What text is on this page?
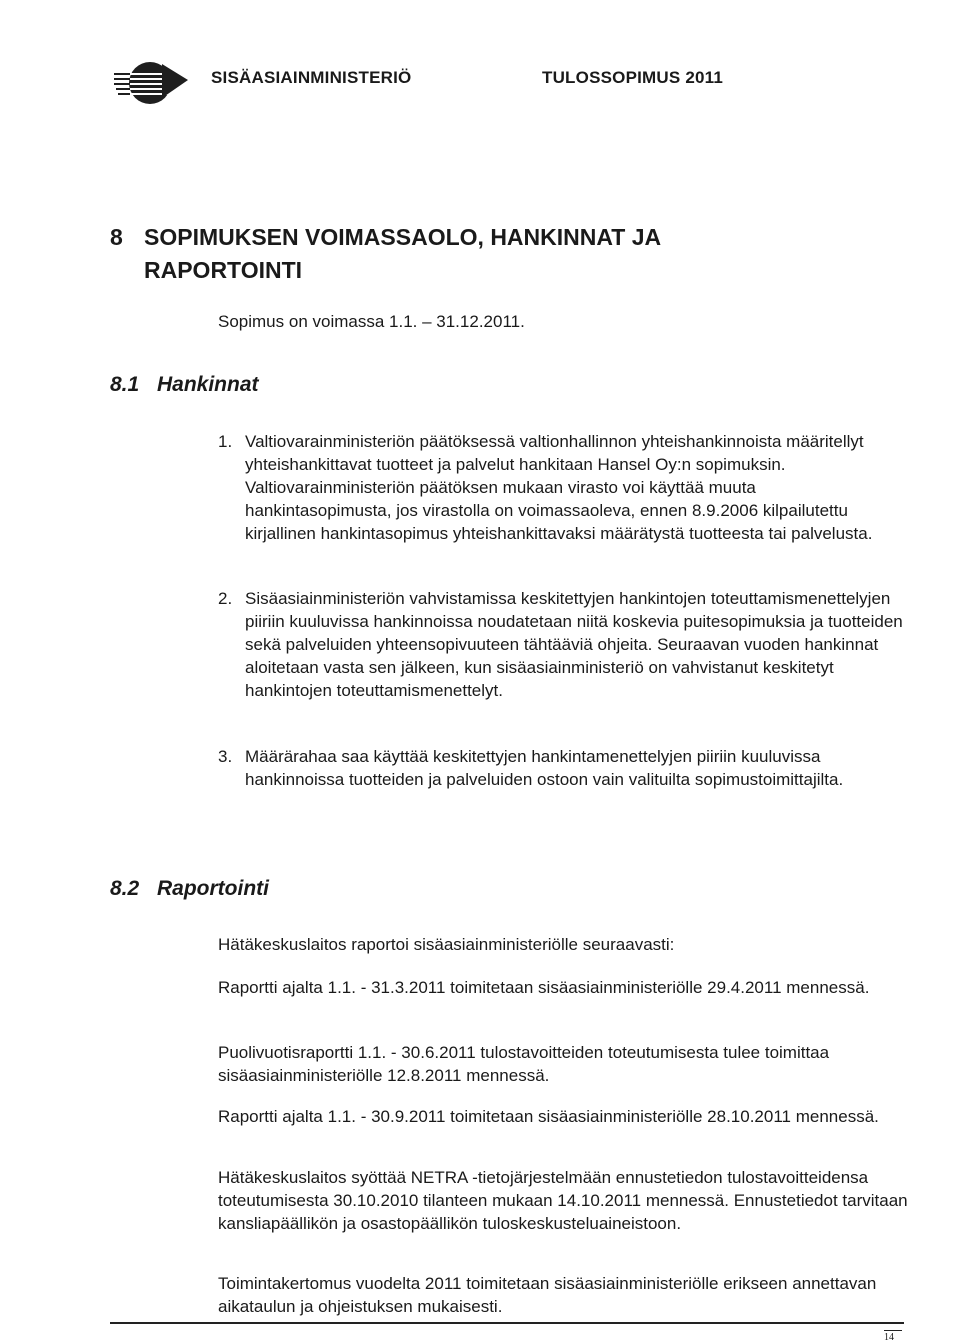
SISÄASIAINMINISTERIÖ	TULOSSOPIMUS 2011
8 SOPIMUKSEN VOIMASSAOLO, HANKINNAT JA RAPORTOINTI
Sopimus on voimassa 1.1. – 31.12.2011.
8.1 Hankinnat
1. Valtiovarainministeriön päätöksessä valtionhallinnon yhteishankinnoista määritellyt yhteishankittavat tuotteet ja palvelut hankitaan Hansel Oy:n sopimuksin. Valtiovarainministeriön päätöksen mukaan virasto voi käyttää muuta hankintasopimusta, jos virastolla on voimassaoleva, ennen 8.9.2006 kilpailutettu kirjallinen hankintasopimus yhteishankittavaksi määrätystä tuotteesta tai palvelusta.
2. Sisäasiainministeriön vahvistamissa keskitettyjen hankintojen toteuttamismenettelyjen piiriin kuuluvissa hankinnoissa noudatetaan niitä koskevia puitesopimuksia ja tuotteiden sekä palveluiden yhteensopivuuteen tähtääviä ohjeita. Seuraavan vuoden hankinnat aloitetaan vasta sen jälkeen, kun sisäasiainministeriö on vahvistanut keskitetyt hankintojen toteuttamismenettelyt.
3. Määrärahaa saa käyttää keskitettyjen hankintamenettelyjen piiriin kuuluvissa hankinnoissa tuotteiden ja palveluiden ostoon vain valituilta sopimustoimittajilta.
8.2 Raportointi
Hätäkeskuslaitos raportoi sisäasiainministeriölle seuraavasti:
Raportti ajalta 1.1. - 31.3.2011 toimitetaan sisäasiainministeriölle 29.4.2011 mennessä.
Puolivuotisraportti 1.1. - 30.6.2011 tulostavoitteiden toteutumisesta tulee toimittaa sisäasiainministeriölle 12.8.2011 mennessä.
Raportti ajalta 1.1. - 30.9.2011 toimitetaan sisäasiainministeriölle 28.10.2011 mennessä.
Hätäkeskuslaitos syöttää NETRA -tietojärjestelmään ennustetiedon tulostavoitteidensa toteutumisesta 30.10.2010 tilanteen mukaan 14.10.2011 mennessä. Ennustetiedot tarvitaan kansliapäällikön ja osastopäällikön tuloskeskusteluaineistoon.
Toimintakertomus vuodelta 2011 toimitetaan sisäasiainministeriölle erikseen annettavan aikataulun ja ohjeistuksen mukaisesti.
14
